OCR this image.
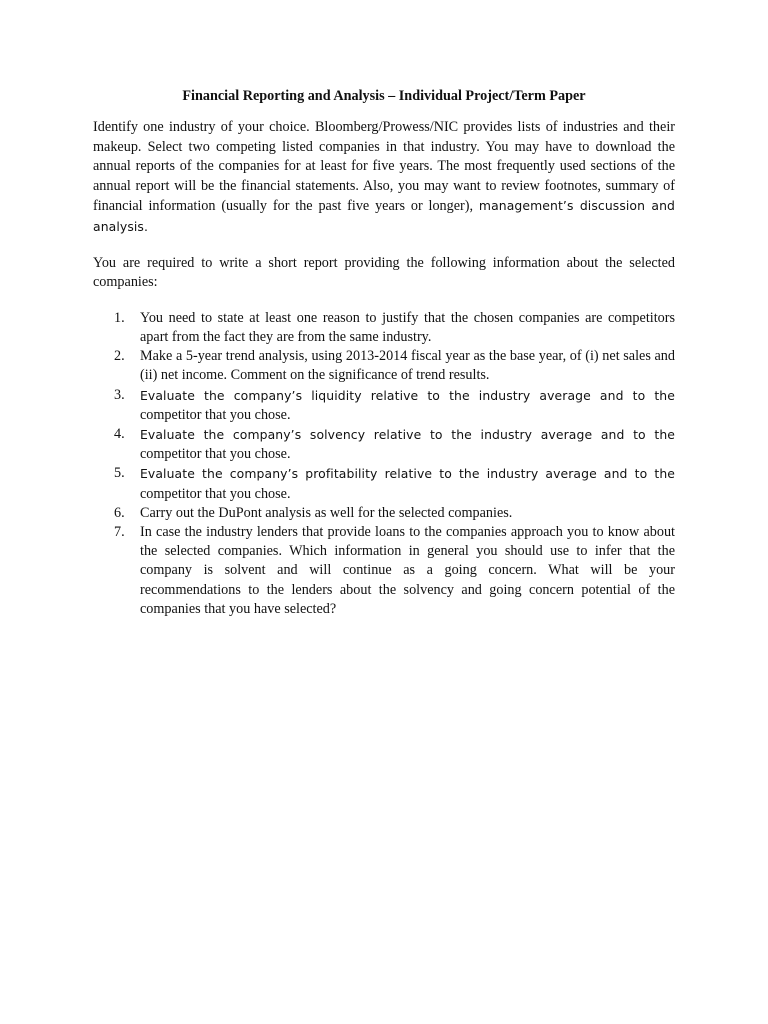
Financial Reporting and Analysis – Individual Project/Term Paper

Identify one industry of your choice. Bloomberg/Prowess/NIC provides lists of industries and their makeup. Select two competing listed companies in that industry. You may have to download the annual reports of the companies for at least for five years. The most frequently used sections of the annual report will be the financial statements. Also, you may want to review footnotes, summary of financial information (usually for the past five years or longer), management’s discussion and analysis.

You are required to write a short report providing the following information about the selected companies:

1. You need to state at least one reason to justify that the chosen companies are competitors apart from the fact they are from the same industry.
2. Make a 5-year trend analysis, using 2013-2014 fiscal year as the base year, of (i) net sales and (ii) net income. Comment on the significance of trend results.
3. Evaluate the company’s liquidity relative to the industry average and to the competitor that you chose.
4. Evaluate the company’s solvency relative to the industry average and to the competitor that you chose.
5. Evaluate the company’s profitability relative to the industry average and to the competitor that you chose.
6. Carry out the DuPont analysis as well for the selected companies.
7. In case the industry lenders that provide loans to the companies approach you to know about the selected companies. Which information in general you should use to infer that the company is solvent and will continue as a going concern. What will be your recommendations to the lenders about the solvency and going concern potential of the companies that you have selected?
